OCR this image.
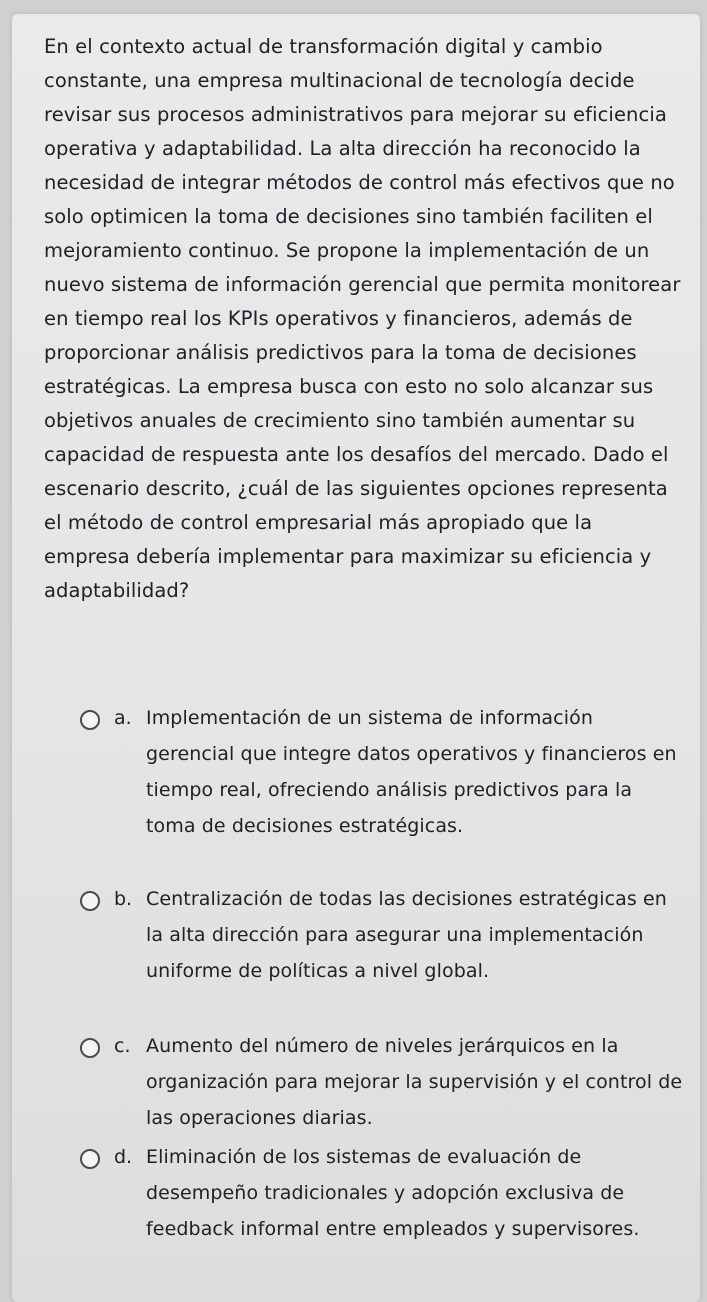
En el contexto actual de transformación digital y cambio constante, una empresa multinacional de tecnología decide revisar sus procesos administrativos para mejorar su eficiencia operativa y adaptabilidad. La alta dirección ha reconocido la necesidad de integrar métodos de control más efectivos que no solo optimicen la toma de decisiones sino también faciliten el mejoramiento continuo. Se propone la implementación de un nuevo sistema de información gerencial que permita monitorear en tiempo real los KPIs operativos y financieros, además de proporcionar análisis predictivos para la toma de decisiones estratégicas. La empresa busca con esto no solo alcanzar sus objetivos anuales de crecimiento sino también aumentar su capacidad de respuesta ante los desafíos del mercado. Dado el escenario descrito, ¿cuál de las siguientes opciones representa el método de control empresarial más apropiado que la empresa debería implementar para maximizar su eficiencia y adaptabilidad?
a. Implementación de un sistema de información gerencial que integre datos operativos y financieros en tiempo real, ofreciendo análisis predictivos para la toma de decisiones estratégicas.
b. Centralización de todas las decisiones estratégicas en la alta dirección para asegurar una implementación uniforme de políticas a nivel global.
c. Aumento del número de niveles jerárquicos en la organización para mejorar la supervisión y el control de las operaciones diarias.
d. Eliminación de los sistemas de evaluación de desempeño tradicionales y adopción exclusiva de feedback informal entre empleados y supervisores.
